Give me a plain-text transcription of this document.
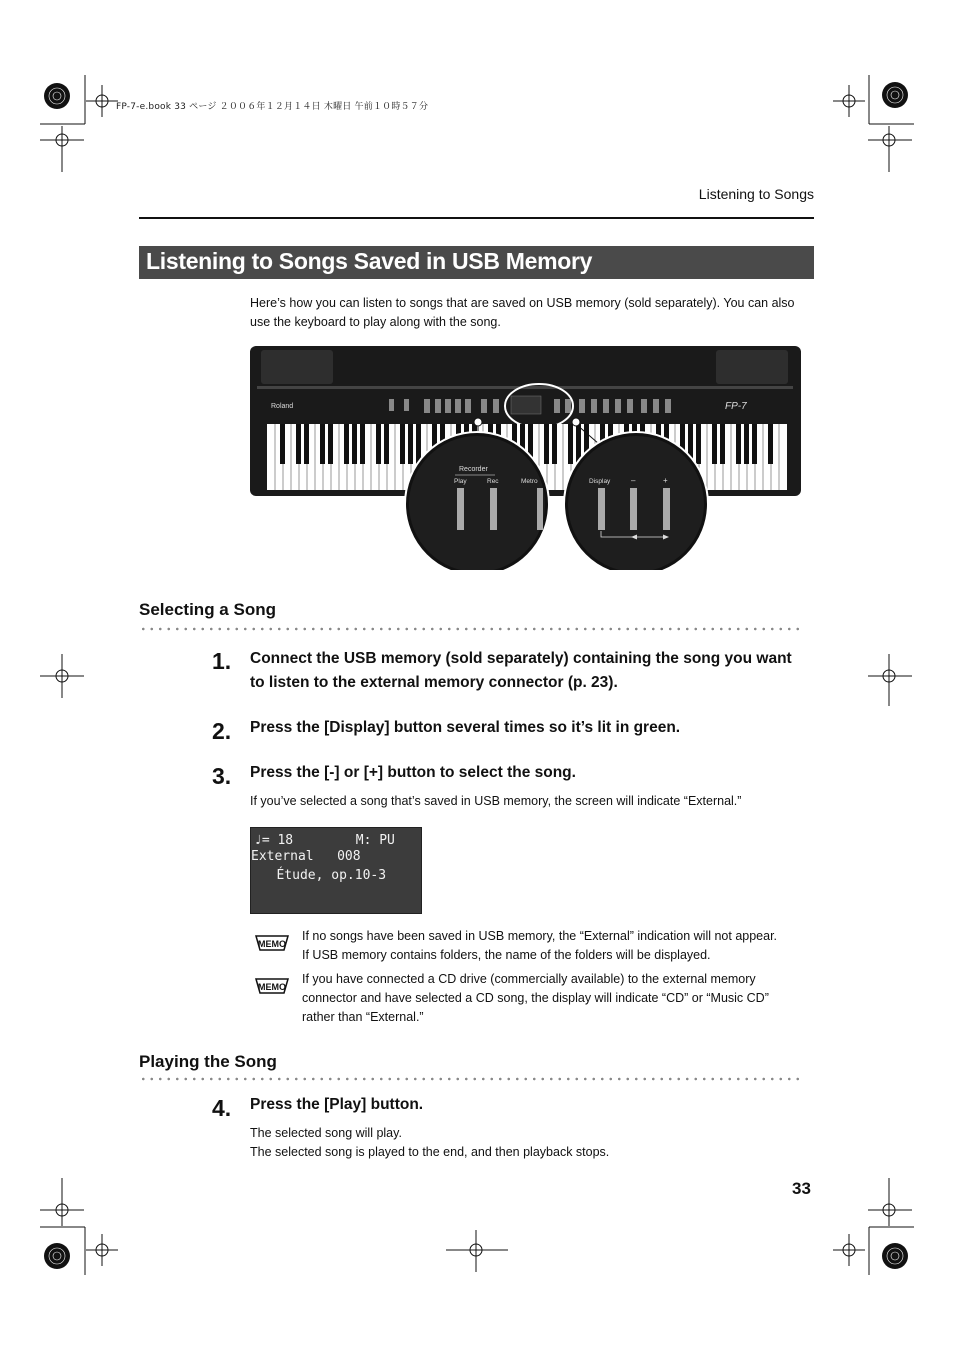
FP-7-e.book 33 ページ ２００６年１２月１４日 木曜日 午前１０時５７分
Listening to Songs
Listening to Songs Saved in USB Memory
Here’s how you can listen to songs that are saved on USB memory (sold separately). You can also use the keyboard to play along with the song.
Roland	FP-7
Recorder
Play	Rec	Metro	Display	–	+
Selecting a Song
1. Connect the USB memory (sold separately) containing the song you want to listen to the external memory connector (p. 23).
2. Press the [Display] button several times so it’s lit in green.
3. Press the [-] or [+] button to select the song.
If you’ve selected a song that’s saved in USB memory, the screen will indicate “External.”
♩= 18        M: PU
External   008
Étude, op.10-3
MEMO
If no songs have been saved in USB memory, the “External” indication will not appear.
If USB memory contains folders, the name of the folders will be displayed.
MEMO
If you have connected a CD drive (commercially available) to the external memory
connector and have selected a CD song, the display will indicate “CD” or “Music CD”
rather than “External.”
Playing the Song
4. Press the [Play] button.
The selected song will play.
The selected song is played to the end, and then playback stops.
33
